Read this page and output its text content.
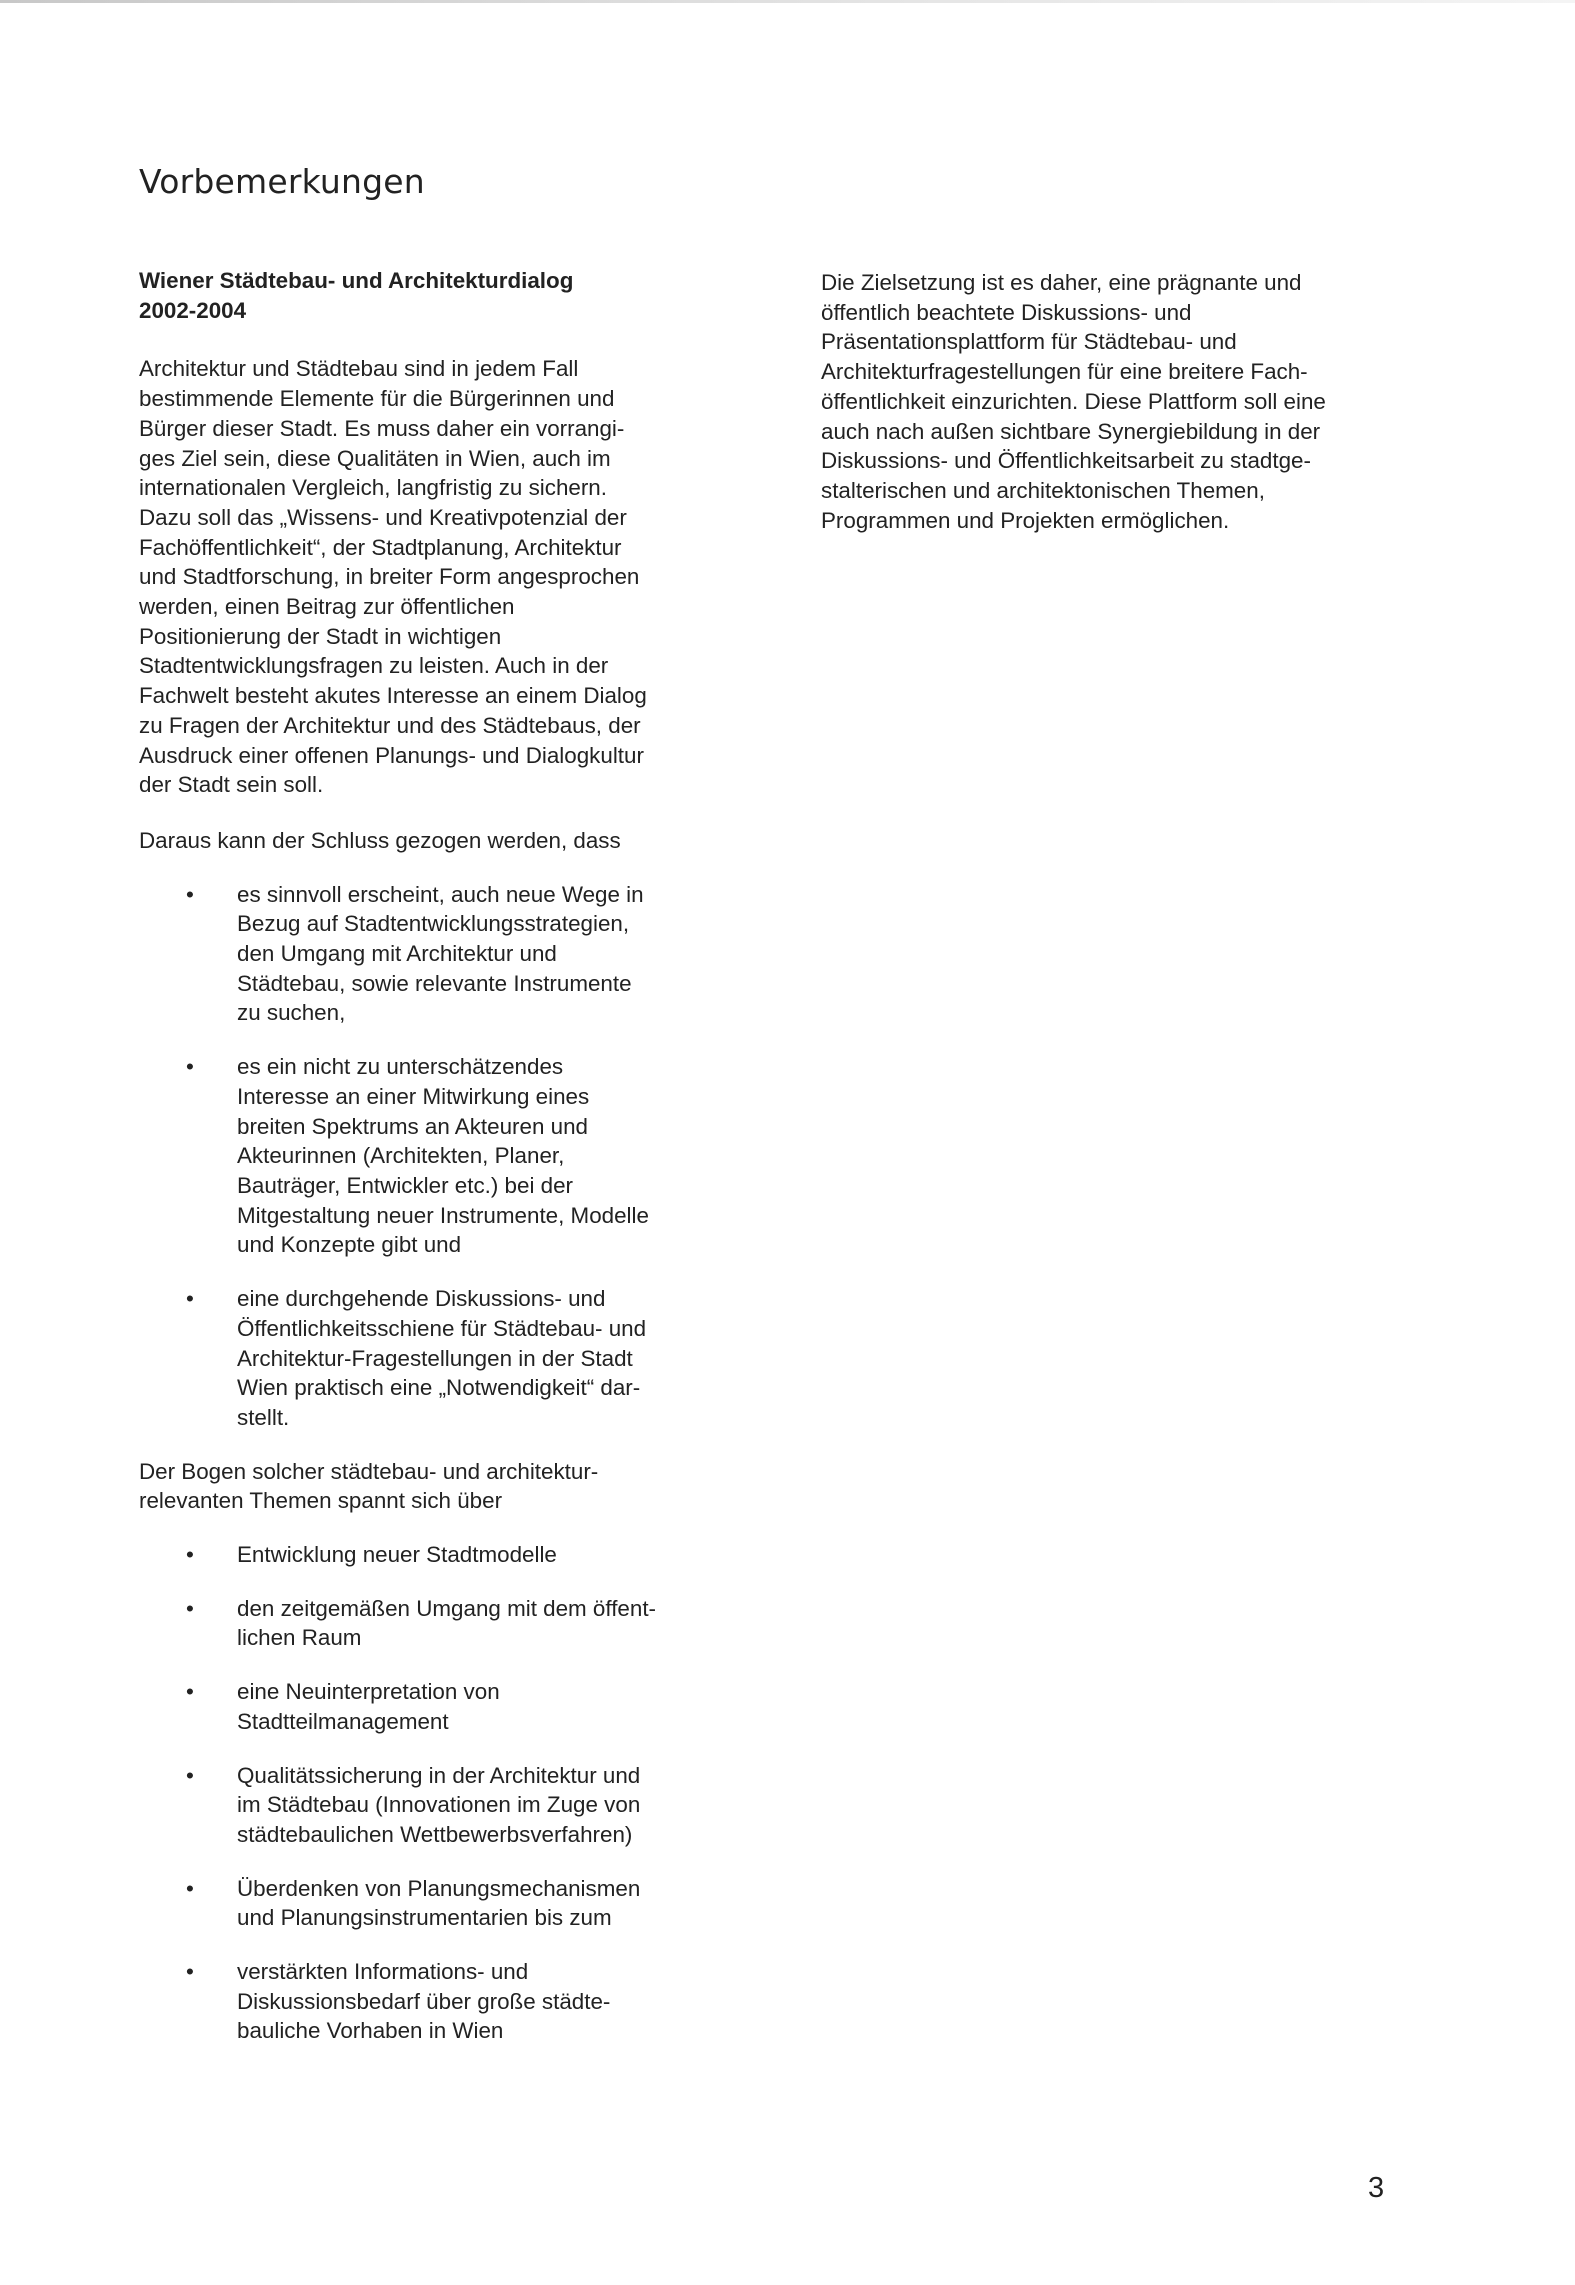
Vorbemerkungen
Wiener Städtebau- und Architekturdialog
2002-2004

Architektur und Städtebau sind in jedem Fall
bestimmende Elemente für die Bürgerinnen und
Bürger dieser Stadt. Es muss daher ein vorrangi-
ges Ziel sein, diese Qualitäten in Wien, auch im
internationalen Vergleich, langfristig zu sichern.
Dazu soll das „Wissens- und Kreativpotenzial der
Fachöffentlichkeit“, der Stadtplanung, Architektur
und Stadtforschung, in breiter Form angesprochen
werden, einen Beitrag zur öffentlichen
Positionierung der Stadt in wichtigen
Stadtentwicklungsfragen zu leisten. Auch in der
Fachwelt besteht akutes Interesse an einem Dialog
zu Fragen der Architektur und des Städtebaus, der
Ausdruck einer offenen Planungs- und Dialogkultur
der Stadt sein soll.

Daraus kann der Schluss gezogen werden, dass

• es sinnvoll erscheint, auch neue Wege in
Bezug auf Stadtentwicklungsstrategien,
den Umgang mit Architektur und
Städtebau, sowie relevante Instrumente
zu suchen,
• es ein nicht zu unterschätzendes
Interesse an einer Mitwirkung eines
breiten Spektrums an Akteuren und
Akteurinnen (Architekten, Planer,
Bauträger, Entwickler etc.) bei der
Mitgestaltung neuer Instrumente, Modelle
und Konzepte gibt und
• eine durchgehende Diskussions- und
Öffentlichkeitsschiene für Städtebau- und
Architektur-Fragestellungen in der Stadt
Wien praktisch eine „Notwendigkeit“ dar-
stellt.

Der Bogen solcher städtebau- und architektur-
relevanten Themen spannt sich über

• Entwicklung neuer Stadtmodelle
• den zeitgemäßen Umgang mit dem öffent-
lichen Raum
• eine Neuinterpretation von
Stadtteilmanagement
• Qualitätssicherung in der Architektur und
im Städtebau (Innovationen im Zuge von
städtebaulichen Wettbewerbsverfahren)
• Überdenken von Planungsmechanismen
und Planungsinstrumentarien bis zum
• verstärkten Informations- und
Diskussionsbedarf über große städte-
bauliche Vorhaben in Wien

Die Zielsetzung ist es daher, eine prägnante und
öffentlich beachtete Diskussions- und
Präsentationsplattform für Städtebau- und
Architekturfragestellungen für eine breitere Fach-
öffentlichkeit einzurichten. Diese Plattform soll eine
auch nach außen sichtbare Synergiebildung in der
Diskussions- und Öffentlichkeitsarbeit zu stadtge-
stalterischen und architektonischen Themen,
Programmen und Projekten ermöglichen.

3
